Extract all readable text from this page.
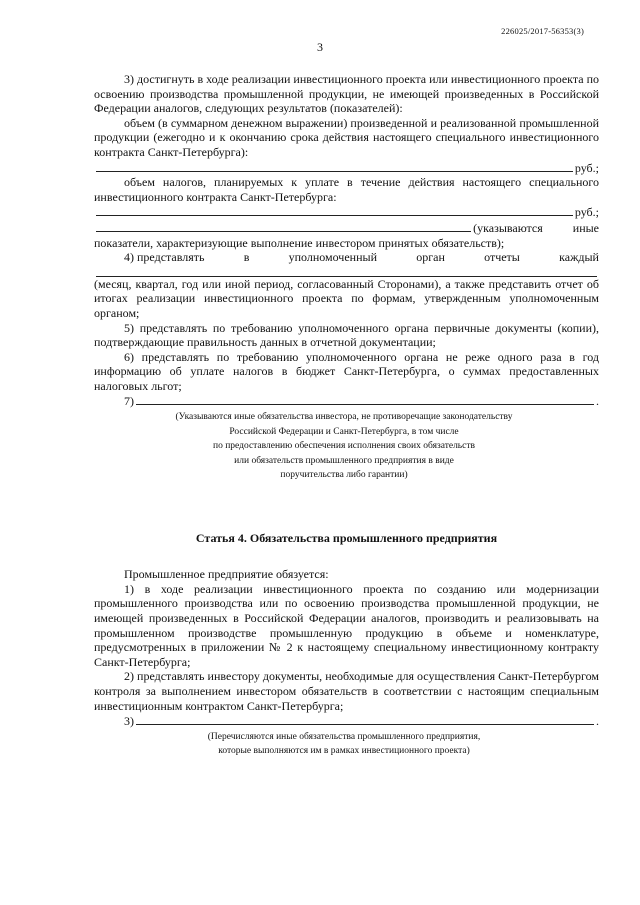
226025/2017-56353(3)
3

3) достигнуть в ходе реализации инвестиционного проекта или инвестиционного проекта по освоению производства промышленной продукции, не имеющей произведенных в Российской Федерации аналогов, следующих результатов (показателей):

объем (в суммарном денежном выражении) произведенной и реализованной промышленной продукции (ежегодно и к окончанию срока действия настоящего специального инвестиционного контракта Санкт-Петербурга):

руб.;

объем налогов, планируемых к уплате в течение действия настоящего специального инвестиционного контракта Санкт-Петербурга:

руб.;
(указываются	иные

показатели, характеризующие выполнение инвестором принятых обязательств);

4) представлять	в	уполномоченный	орган	отчеты	каждый

(месяц, квартал, год или иной период, согласованный Сторонами), а также представить отчет об итогах реализации инвестиционного проекта по формам, утвержденным уполномоченным органом;

5) представлять по требованию уполномоченного органа первичные документы (копии), подтверждающие правильность данных в отчетной документации;

6) представлять по требованию уполномоченного органа не реже одного раза в год информацию об уплате налогов в бюджет Санкт-Петербурга, о суммах предоставленных налоговых льгот;

7)	.
(Указываются иные обязательства инвестора, не противоречащие законодательству
Российской Федерации и Санкт-Петербурга, в том числе
по предоставлению обеспечения исполнения своих обязательств
или обязательств промышленного предприятия в виде
поручительства либо гарантии)
Статья 4. Обязательства промышленного предприятия

Промышленное предприятие обязуется:

1) в ходе реализации инвестиционного проекта по созданию или модернизации промышленного производства или по освоению производства промышленной продукции, не имеющей произведенных в Российской Федерации аналогов, производить и реализовывать на промышленном производстве промышленную продукцию в объеме и номенклатуре, предусмотренных в приложении № 2 к настоящему специальному инвестиционному контракту Санкт-Петербурга;

2) представлять инвестору документы, необходимые для осуществления Санкт-Петербургом контроля за выполнением инвестором обязательств в соответствии с настоящим специальным инвестиционным контрактом Санкт-Петербурга;

3)	.
(Перечисляются иные обязательства промышленного предприятия,
которые выполняются им в рамках инвестиционного проекта)
